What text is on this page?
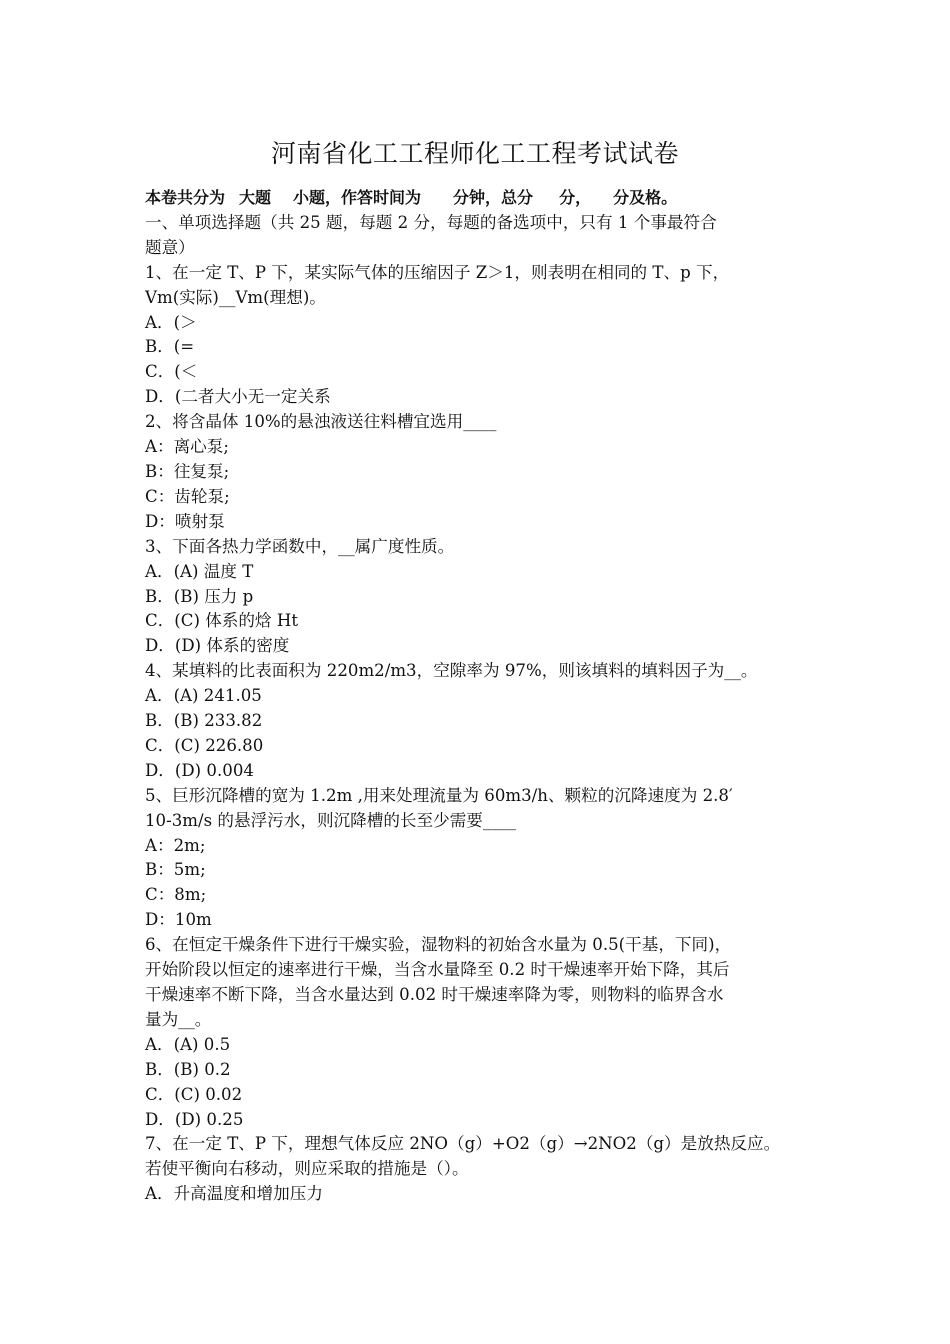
河南省化工工程师化工工程考试试卷
本卷共分为 大题 小题，作答时间为 分钟，总分 分， 分及格。
一、单项选择题（共 25 题，每题 2 分，每题的备选项中，只有 1 个事最符合
题意）
1、在一定 T、P 下，某实际气体的压缩因子 Z＞1，则表明在相同的 T、p 下，
Vm(实际)__Vm(理想)。
A．(＞
B．(=
C．(＜
D．(二者大小无一定关系
2、将含晶体 10%的悬浊液送往料槽宜选用____
A：离心泵;
B：往复泵;
C：齿轮泵;
D：喷射泵
3、下面各热力学函数中，__属广度性质。
A．(A) 温度 T
B．(B) 压力 p
C．(C) 体系的焓 Ht
D．(D) 体系的密度
4、某填料的比表面积为 220m2/m3，空隙率为 97%，则该填料的填料因子为__。
A．(A) 241.05
B．(B) 233.82
C．(C) 226.80
D．(D) 0.004
5、巨形沉降槽的宽为 1.2m ,用来处理流量为 60m3/h、颗粒的沉降速度为 2.8′
10-3m/s 的悬浮污水，则沉降槽的长至少需要____
A：2m;
B：5m;
C：8m;
D：10m
6、在恒定干燥条件下进行干燥实验，湿物料的初始含水量为 0.5(干基，下同)，
开始阶段以恒定的速率进行干燥，当含水量降至 0.2 时干燥速率开始下降，其后
干燥速率不断下降，当含水量达到 0.02 时干燥速率降为零，则物料的临界含水
量为__。
A．(A) 0.5
B．(B) 0.2
C．(C) 0.02
D．(D) 0.25
7、在一定 T、P 下，理想气体反应 2NO（g）+O2（g）→2NO2（g）是放热反应。
若使平衡向右移动，则应采取的措施是（）。
A．升高温度和增加压力
